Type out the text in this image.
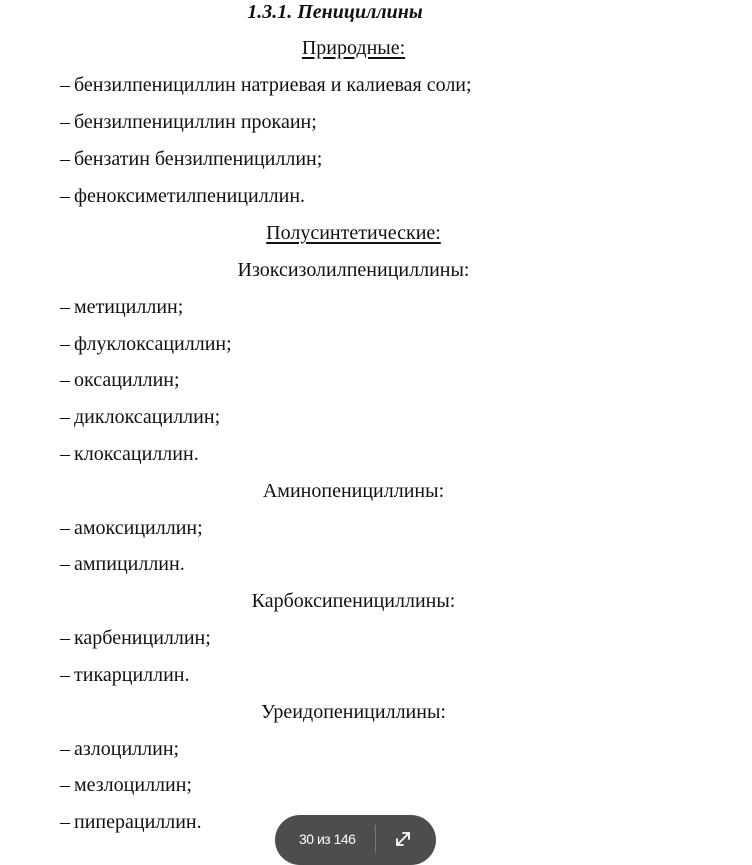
1.3.1. Пенициллины
Природные:
– бензилпенициллин натриевая и калиевая соли;
– бензилпенициллин прокаин;
– бензатин бензилпенициллин;
– феноксиметилпенициллин.
Полусинтетические:
Изоксизолилпенициллины:
– метициллин;
– флуклоксациллин;
– оксациллин;
– диклоксациллин;
– клоксациллин.
Аминопенициллины:
– амоксициллин;
– ампициллин.
Карбоксипенициллины:
– карбенициллин;
– тикарциллин.
Уреидопенициллины:
– азлоциллин;
– мезлоциллин;
– пиперациллин.
30 из 146
